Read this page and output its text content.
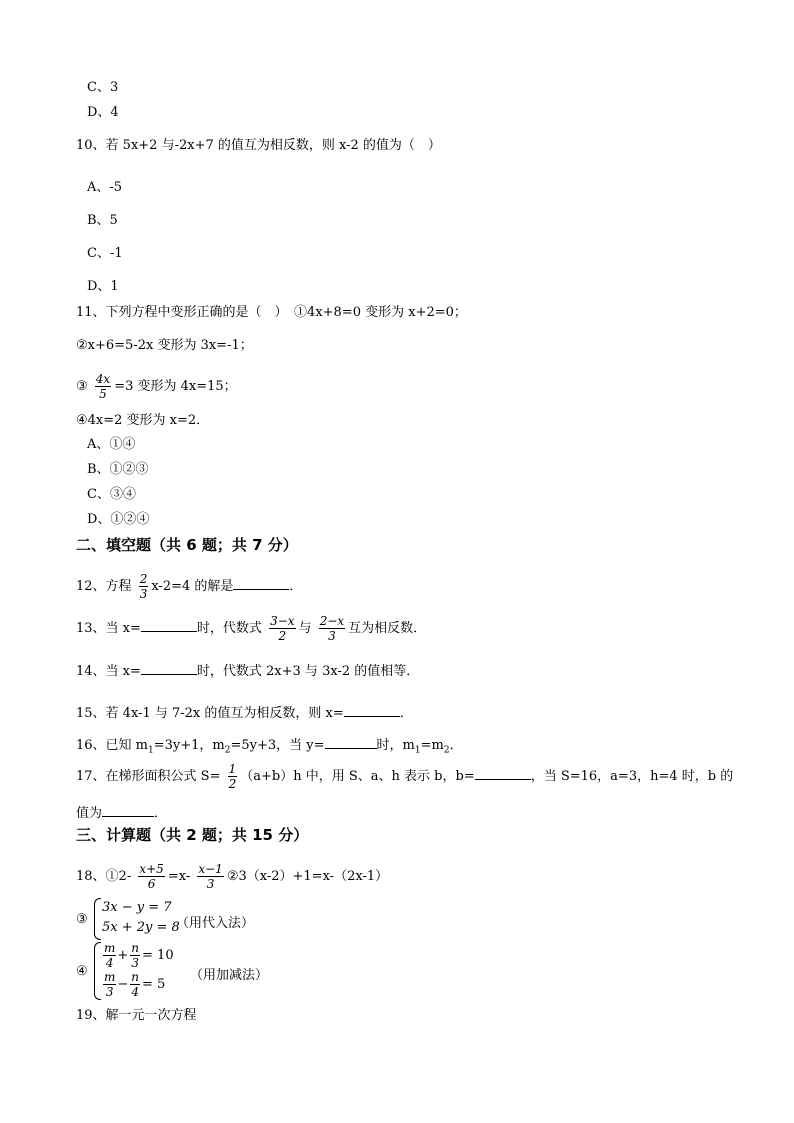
C、3
D、4
10、若 5x+2 与-2x+7 的值互为相反数，则 x-2 的值为（　）
A、-5
B、5
C、-1
D、1
11、下列方程中变形正确的是（　）　①4x+8=0 变形为 x+2=0；
②x+6=5-2x 变形为 3x=-1；
③ $\frac{4x}{5} =3$ 变形为 4x=15；
④4x=2 变形为 x=2．
A、①④
B、①②③
C、③④
D、①②④
二、填空题（共 6 题；共 7 分）
12、方程 $\frac{2}{3} x-2=4$ 的解是	．
13、当 x=	时，代数式 $\frac{3-x}{2}$ 与 $\frac{2-x}{3}$ 互为相反数．
14、当 x=	时，代数式 2x+3 与 3x-2 的值相等．
15、若 4x-1 与 7-2x 的值互为相反数，则 x=	．
16、已知 $m_1=3y+1$，$m_2=5y+3$，当 y=	时，$m_1=m_2$．
17、在梯形面积公式 $S= \frac{1}{2} (a+b)h$ 中，用 S、a、h 表示 b，b=	，当 S=16，a=3，h=4 时，b 的
值为	．
三、计算题（共 2 题；共 15 分）
18、①2- $\frac{x+5}{6} =x- \frac{x-1}{3}$ ②3（x-2）+1=x-（2x-1）
③
3x − y = 7
5x + 2y = 8
（用代入法）
④
$\frac{m}{4} + \frac{n}{3} = 10$
$\frac{m}{3} - \frac{n}{4} = 5$
（用加减法）
19、解一元一次方程
